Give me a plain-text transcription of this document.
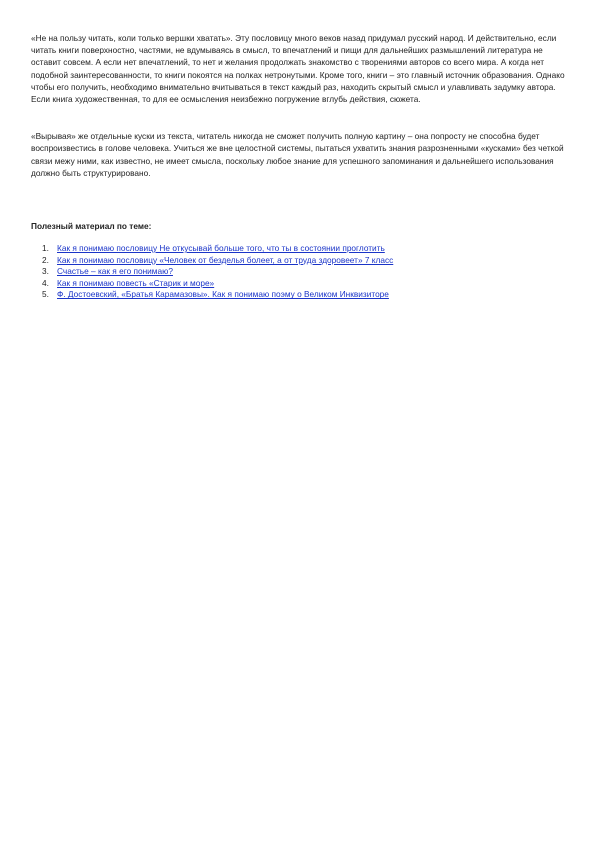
«Не на пользу читать, коли только вершки хватать». Эту пословицу много веков назад придумал русский народ. И действительно, если читать книги поверхностно, частями, не вдумываясь в смысл, то впечатлений и пищи для дальнейших размышлений литература не оставит совсем. А если нет впечатлений, то нет и желания продолжать знакомство с творениями авторов со всего мира. А когда нет подобной заинтересованности, то книги покоятся на полках нетронутыми. Кроме того, книги – это главный источник образования. Однако чтобы его получить, необходимо внимательно вчитываться в текст каждый раз, находить скрытый смысл и улавливать задумку автора. Если книга художественная, то для ее осмысления неизбежно погружение вглубь действия, сюжета.

«Вырывая» же отдельные куски из текста, читатель никогда не сможет получить полную картину – она попросту не способна будет воспроизвестись в голове человека. Учиться же вне целостной системы, пытаться ухватить знания разрозненными «кусками» без четкой связи межу ними, как известно, не имеет смысла, поскольку любое знание для успешного запоминания и дальнейшего использования должно быть структурировано.

Полезный материал по теме:

1. Как я понимаю пословицу Не откусывай больше того, что ты в состоянии проглотить
2. Как я понимаю пословицу «Человек от безделья болеет, а от труда здоровеет» 7 класс
3. Счастье – как я его понимаю?
4. Как я понимаю повесть «Старик и море»
5. Ф. Достоевский, «Братья Карамазовы». Как я понимаю поэму о Великом Инквизиторе
